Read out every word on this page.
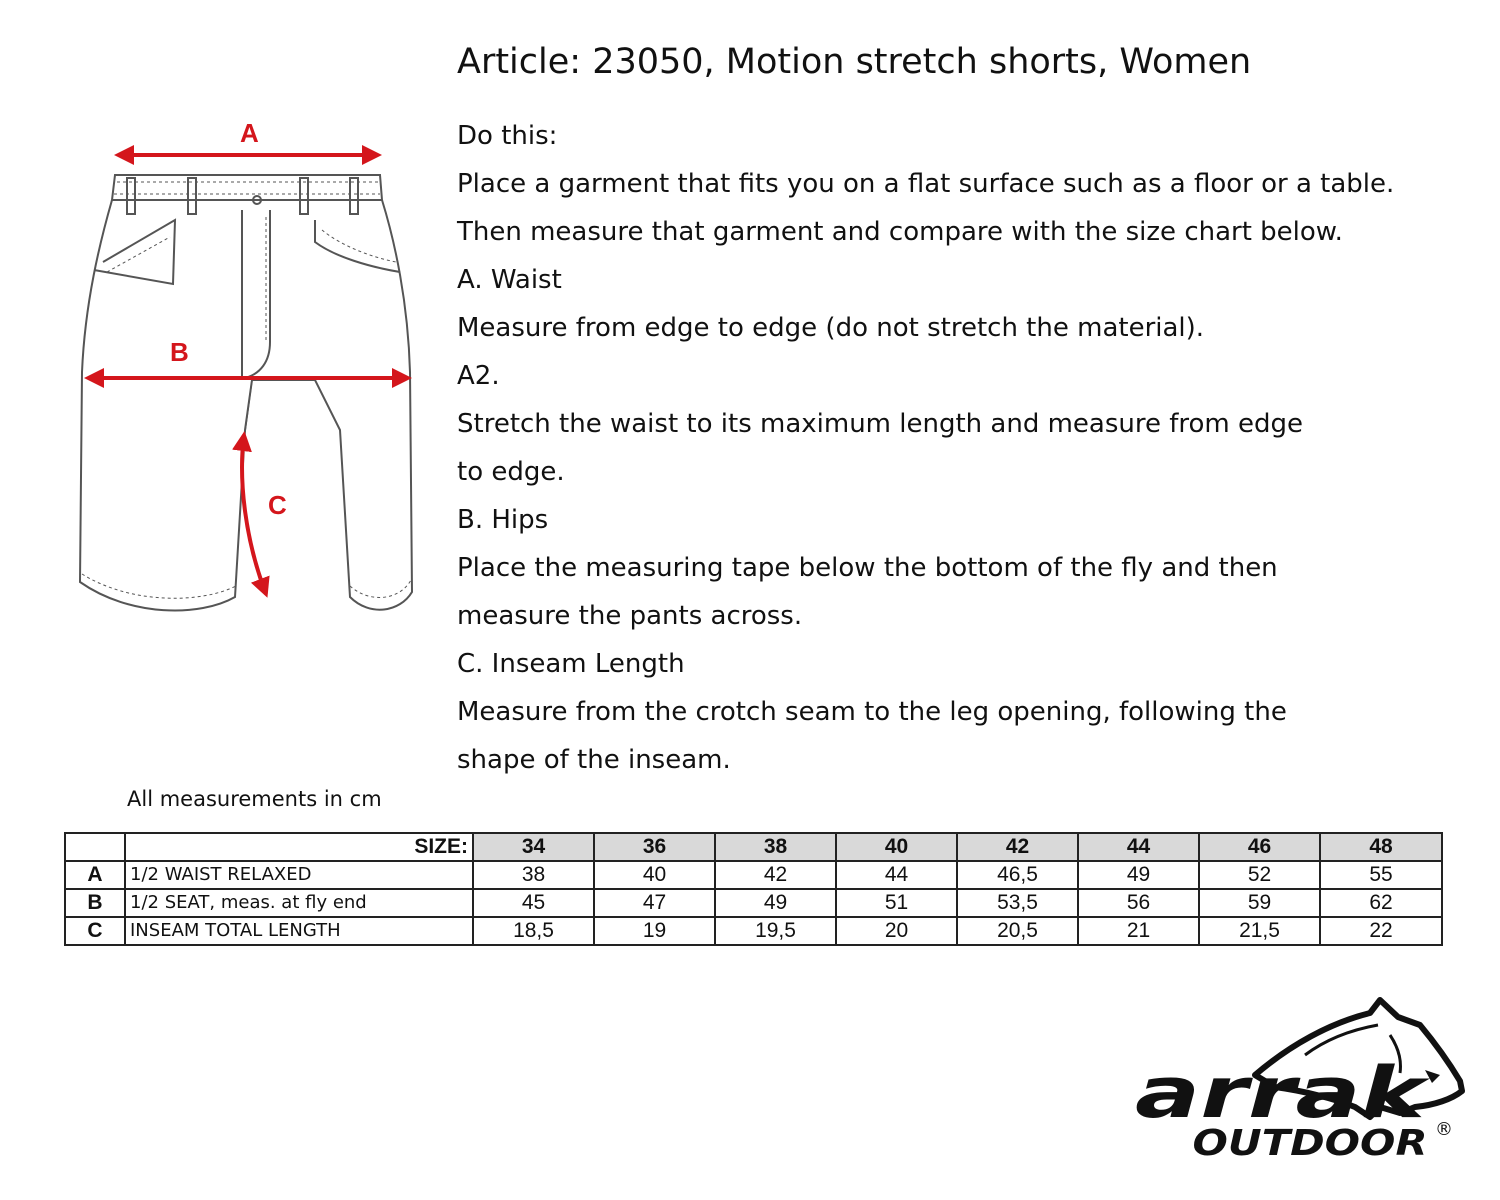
Article: 23050, Motion stretch shorts, Women
A
B
C
Do this:
Place a garment that fits you on a flat surface such as a floor or a table.
Then measure that garment and compare with the size chart below.
A. Waist
Measure from edge to edge (do not stretch the material).
A2.
Stretch the waist to its maximum length and measure from edge
to edge.
B. Hips
Place the measuring tape below the bottom of the fly and then
measure the pants across.
C. Inseam Length
Measure from the crotch seam to the leg opening, following the
shape of the inseam.
All measurements in cm
	SIZE:	34	36	38	40	42	44	46	48
A	1/2 WAIST RELAXED	38	40	42	44	46,5	49	52	55
B	1/2 SEAT, meas. at fly end	45	47	49	51	53,5	56	59	62
C	INSEAM TOTAL LENGTH	18,5	19	19,5	20	20,5	21	21,5	22
arrak
OUTDOOR ®
